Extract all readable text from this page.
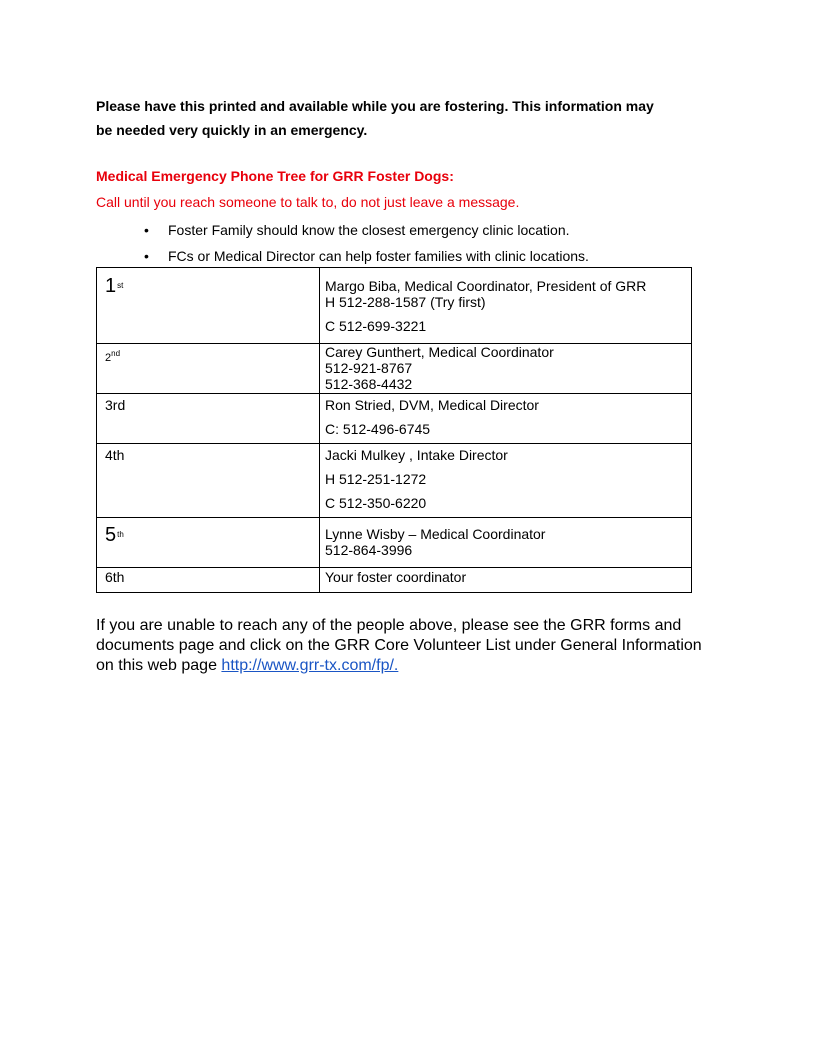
Please have this printed and available while you are fostering. This information may
be needed very quickly in an emergency.
Medical Emergency Phone Tree for GRR Foster Dogs:
Call until you reach someone to talk to, do not just leave a message.
• Foster Family should know the closest emergency clinic location.
• FCs or Medical Director can help foster families with clinic locations.
1st	Margo Biba, Medical Coordinator, President of GRR
H 512-288-1587 (Try first)
C 512-699-3221

2nd	Carey Gunthert, Medical Coordinator
512-921-8767
512-368-4432

3rd	Ron Stried, DVM, Medical Director
C: 512-496-6745

4th	Jacki Mulkey , Intake Director
H 512-251-1272
C 512-350-6220

5th	Lynne Wisby – Medical Coordinator
512-864-3996

6th	Your foster coordinator
If you are unable to reach any of the people above, please see the GRR forms and
documents page and click on the GRR Core Volunteer List under General Information
on this web page http://www.grr-tx.com/fp/.
